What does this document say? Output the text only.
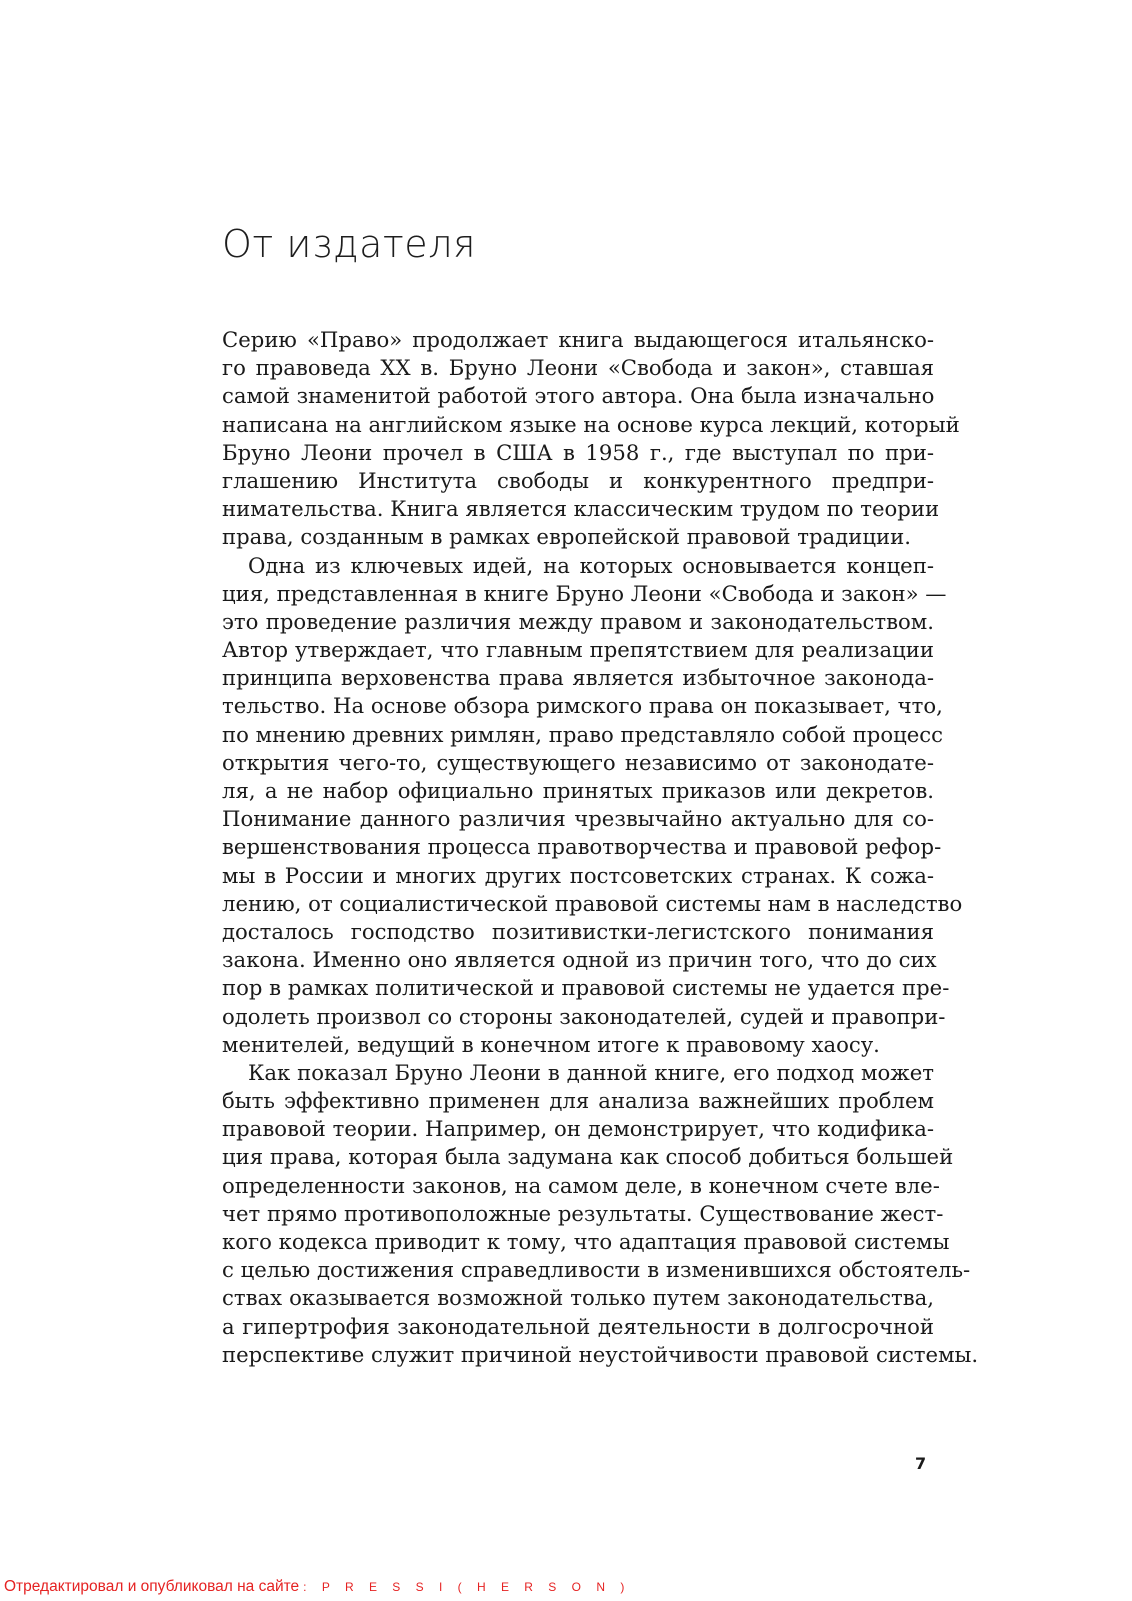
От издателя

Серию «Право» продолжает книга выдающегося итальянско-
го правоведа XX в. Бруно Леони «Свобода и закон», ставшая
самой знаменитой работой этого автора. Она была изначально
написана на английском языке на основе курса лекций, который
Бруно Леони прочел в США в 1958 г., где выступал по при-
глашению Института свободы и конкурентного предпри-
нимательства. Книга является классическим трудом по теории
права, созданным в рамках европейской правовой традиции.

Одна из ключевых идей, на которых основывается концеп-
ция, представленная в книге Бруно Леони «Свобода и закон» —
это проведение различия между правом и законодательством.
Автор утверждает, что главным препятствием для реализации
принципа верховенства права является избыточное законода-
тельство. На основе обзора римского права он показывает, что,
по мнению древних римлян, право представляло собой процесс
открытия чего-то, существующего независимо от законодате-
ля, а не набор официально принятых приказов или декретов.
Понимание данного различия чрезвычайно актуально для со-
вершенствования процесса правотворчества и правовой рефор-
мы в России и многих других постсоветских странах. К сожа-
лению, от социалистической правовой системы нам в наследство
досталось господство позитивистки-легистского понимания
закона. Именно оно является одной из причин того, что до сих
пор в рамках политической и правовой системы не удается пре-
одолеть произвол со стороны законодателей, судей и правопри-
менителей, ведущий в конечном итоге к правовому хаосу.

Как показал Бруно Леони в данной книге, его подход может
быть эффективно применен для анализа важнейших проблем
правовой теории. Например, он демонстрирует, что кодифика-
ция права, которая была задумана как способ добиться большей
определенности законов, на самом деле, в конечном счете вле-
чет прямо противоположные результаты. Существование жест-
кого кодекса приводит к тому, что адаптация правовой системы
с целью достижения справедливости в изменившихся обстоятель-
ствах оказывается возможной только путем законодательства,
а гипертрофия законодательной деятельности в долгосрочной
перспективе служит причиной неустойчивости правовой системы.

7
Отредактировал и опубликовал на сайте : P R E S S I ( H E R S O N )
